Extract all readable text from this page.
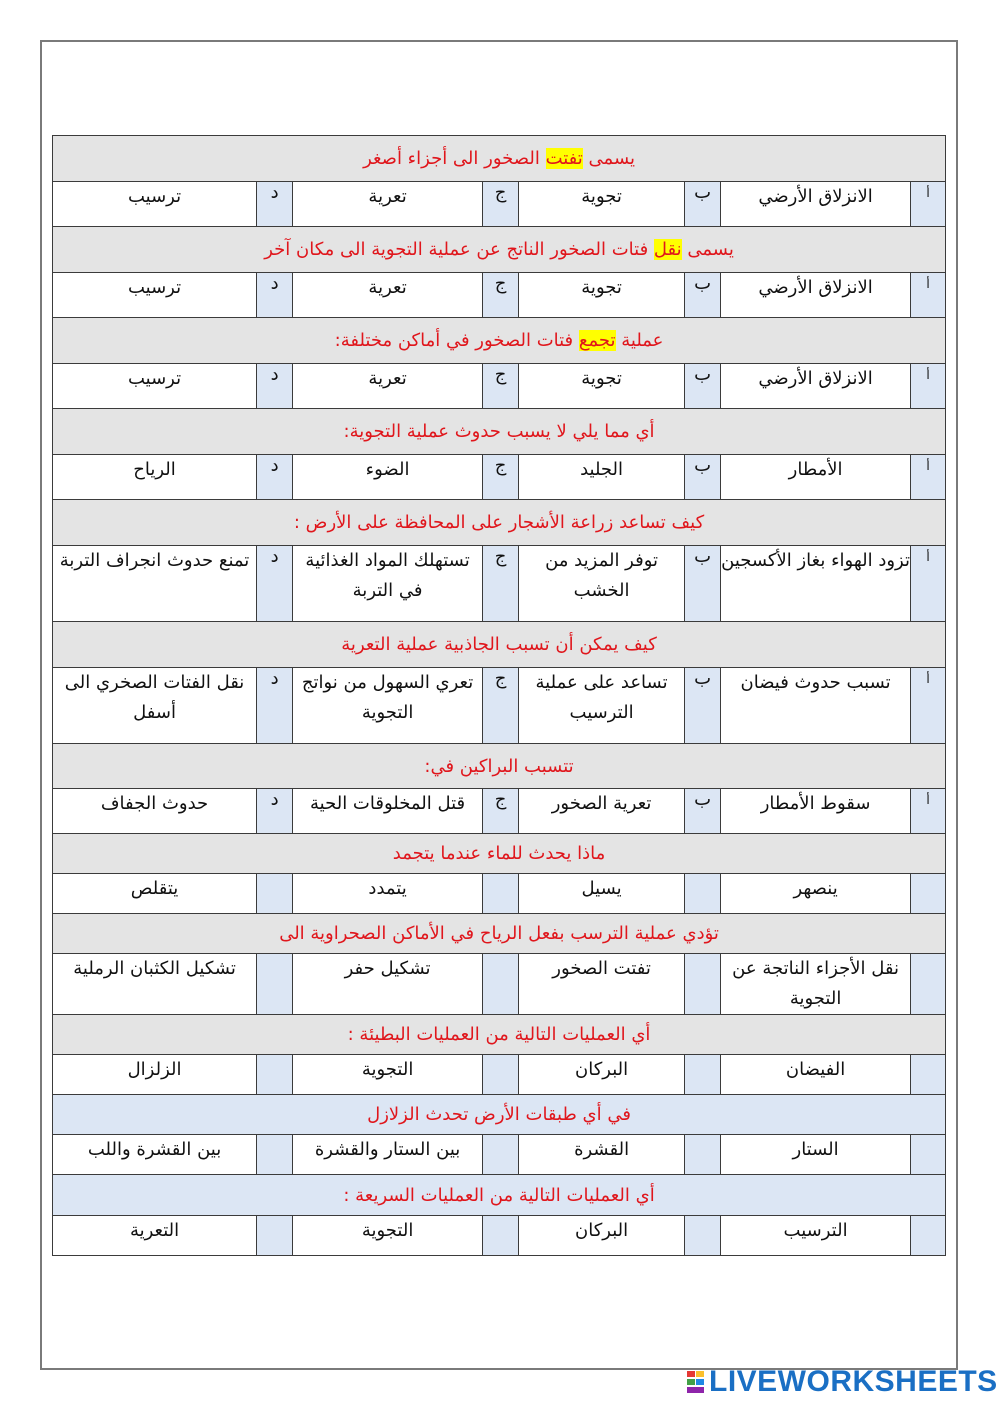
يسمى تفتت الصخور الى أجزاء أصغر							
أ	الانزلاق الأرضي	ب	تجوية	ج	تعرية	د	ترسيب
يسمى نقل فتات الصخور الناتج عن عملية التجوية الى مكان آخر							
أ	الانزلاق الأرضي	ب	تجوية	ج	تعرية	د	ترسيب
عملية تجمع فتات الصخور في أماكن مختلفة:							
أ	الانزلاق الأرضي	ب	تجوية	ج	تعرية	د	ترسيب
أي مما يلي لا يسبب حدوث عملية التجوية:							
أ	الأمطار	ب	الجليد	ج	الضوء	د	الرياح
كيف تساعد زراعة الأشجار على المحافظة على الأرض :							
أ	تزود الهواء بغاز الأكسجين	ب	توفر المزيد من الخشب	ج	تستهلك المواد الغذائية في التربة	د	تمنع حدوث انجراف التربة
كيف يمكن أن تسبب الجاذبية عملية التعرية							
أ	تسبب حدوث فيضان	ب	تساعد على عملية الترسيب	ج	تعري السهول من نواتج التجوية	د	نقل الفتات الصخري الى أسفل
تتسبب البراكين في:							
أ	سقوط الأمطار	ب	تعرية الصخور	ج	قتل المخلوقات الحية	د	حدوث الجفاف
ماذا يحدث للماء عندما يتجمد							
	ينصهر		يسيل		يتمدد		يتقلص
تؤدي عملية الترسب بفعل الرياح في الأماكن الصحراوية الى							
	نقل الأجزاء الناتجة عن التجوية		تفتت الصخور		تشكيل حفر		تشكيل الكثبان الرملية
أي العمليات التالية من العمليات البطيئة :							
	الفيضان		البركان		التجوية		الزلزال
في أي طبقات الأرض تحدث الزلازل							
	الستار		القشرة		بين الستار والقشرة		بين القشرة واللب
أي العمليات التالية من العمليات السريعة :							
	الترسيب		البركان		التجوية		التعرية
LIVEWORKSHEETS
